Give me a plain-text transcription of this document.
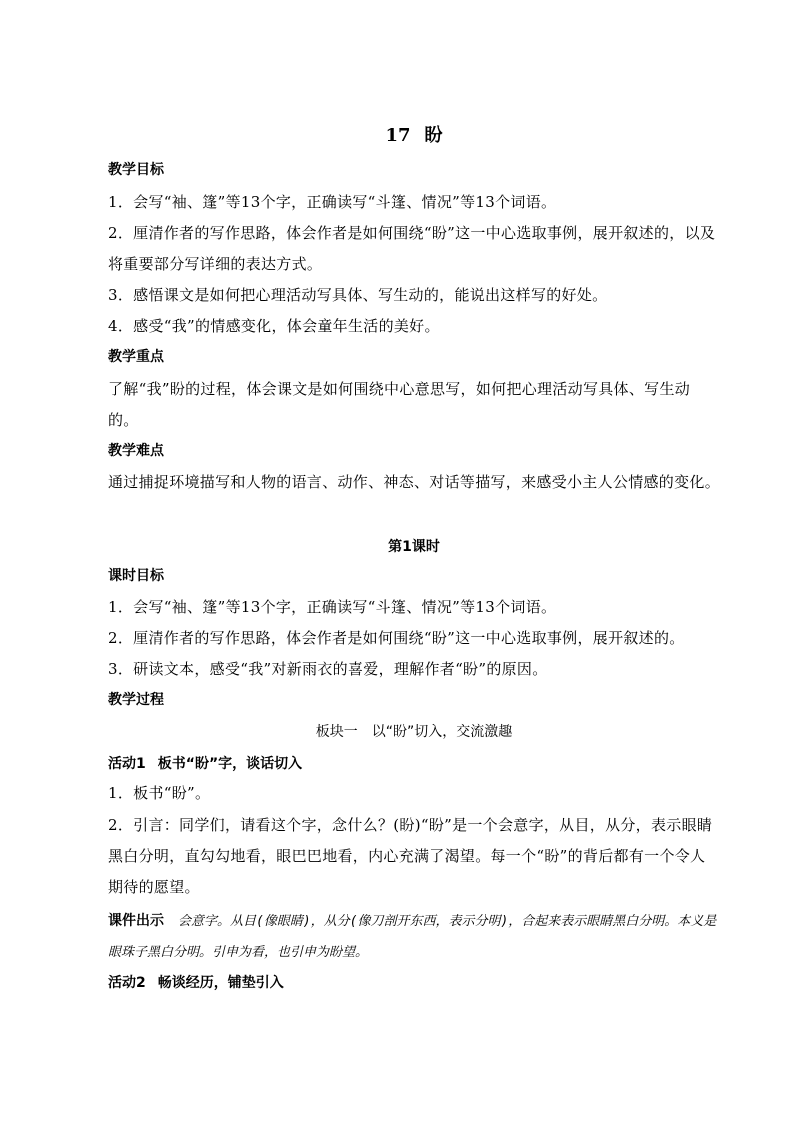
17 盼
教学目标
1．会写“袖、篷”等13个字，正确读写“斗篷、情况”等13个词语。
2．厘清作者的写作思路，体会作者是如何围绕“盼”这一中心选取事例，展开叙述的，以及将重要部分写详细的表达方式。
3．感悟课文是如何把心理活动写具体、写生动的，能说出这样写的好处。
4．感受“我”的情感变化，体会童年生活的美好。
教学重点
了解“我”盼的过程，体会课文是如何围绕中心意思写，如何把心理活动写具体、写生动的。
教学难点
通过捕捉环境描写和人物的语言、动作、神态、对话等描写，来感受小主人公情感的变化。
第1课时
课时目标
1．会写“袖、篷”等13个字，正确读写“斗篷、情况”等13个词语。
2．厘清作者的写作思路，体会作者是如何围绕“盼”这一中心选取事例，展开叙述的。
3．研读文本，感受“我”对新雨衣的喜爱，理解作者“盼”的原因。
教学过程
板块一　以“盼”切入，交流激趣
活动1 板书“盼”字，谈话切入
1．板书“盼”。
2．引言：同学们，请看这个字，念什么？(盼)“盼”是一个会意字，从目，从分，表示眼睛黑白分明，直勾勾地看，眼巴巴地看，内心充满了渴望。每一个“盼”的背后都有一个令人期待的愿望。
课件出示 会意字。从目(像眼睛)，从分(像刀剖开东西，表示分明)，合起来表示眼睛黑白分明。本义是眼珠子黑白分明。引申为看，也引申为盼望。
活动2 畅谈经历，铺垫引入
